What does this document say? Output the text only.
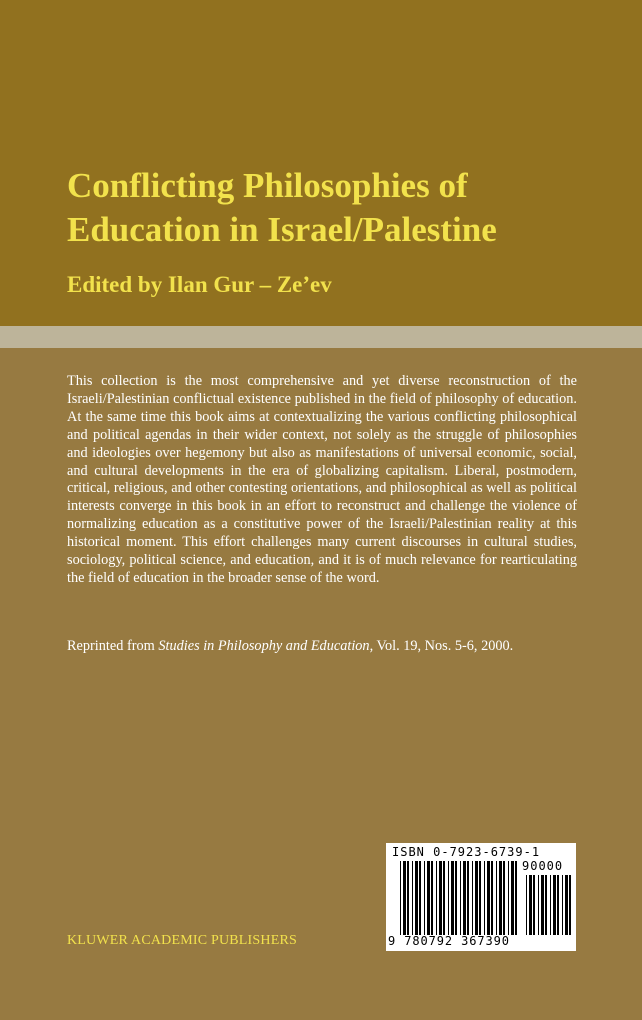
Conflicting Philosophies of
Education in Israel/Palestine
Edited by Ilan Gur – Ze’ev

This collection is the most comprehensive and yet diverse reconstruction of the Israeli/Palestinian conflictual existence published in the field of philosophy of education. At the same time this book aims at contextualizing the various conflicting philosophical and political agendas in their wider context, not solely as the struggle of philosophies and ideologies over hegemony but also as manifestations of universal economic, social, and cultural developments in the era of globalizing capitalism. Liberal, postmodern, critical, religious, and other contesting orientations, and philosophical as well as political interests converge in this book in an effort to reconstruct and challenge the violence of normalizing education as a constitutive power of the Israeli/Palestinian reality at this historical moment. This effort challenges many current discourses in cultural studies, sociology, political science, and education, and it is of much relevance for rearticulating the field of education in the broader sense of the word.

Reprinted from Studies in Philosophy and Education, Vol. 19, Nos. 5-6, 2000.
KLUWER ACADEMIC PUBLISHERS
ISBN 0-7923-6739-1
90000
9 780792 367390
